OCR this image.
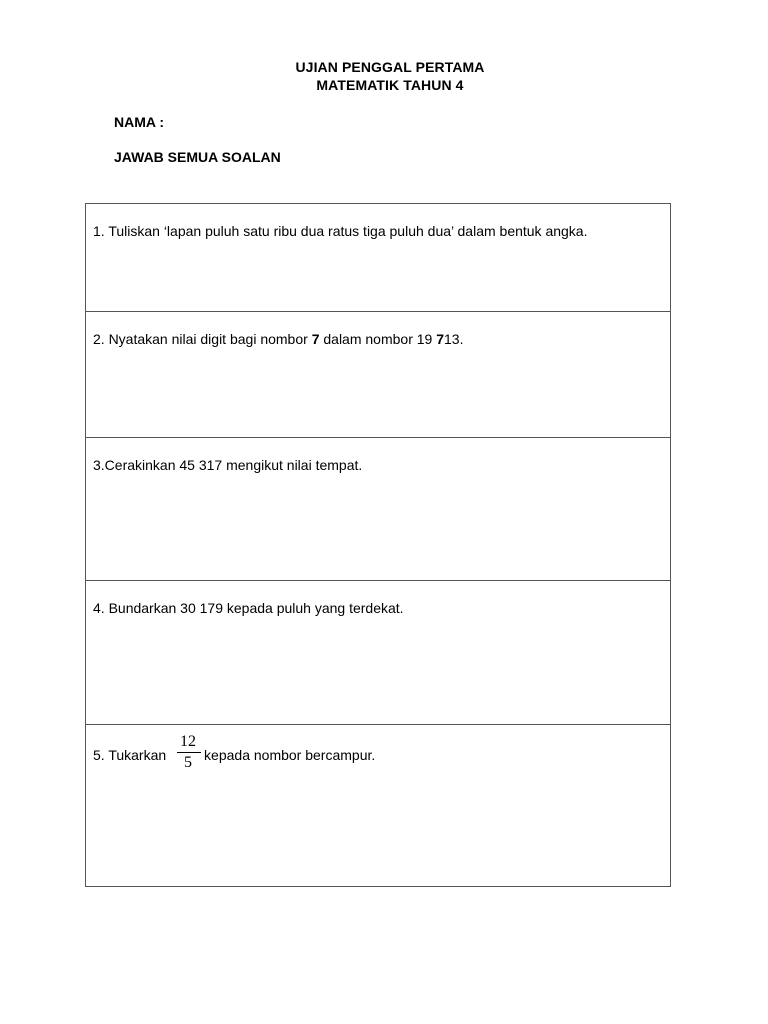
UJIAN PENGGAL PERTAMA
MATEMATIK TAHUN 4
NAMA :
JAWAB SEMUA SOALAN
1. Tuliskan ‘lapan puluh satu ribu dua ratus tiga puluh dua’ dalam bentuk angka.
2. Nyatakan nilai digit bagi nombor 7 dalam nombor 19 713.
3.Cerakinkan 45 317 mengikut nilai tempat.
4. Bundarkan 30 179 kepada puluh yang terdekat.
5. Tukarkan $\frac{12}{5}$ kepada nombor bercampur.
